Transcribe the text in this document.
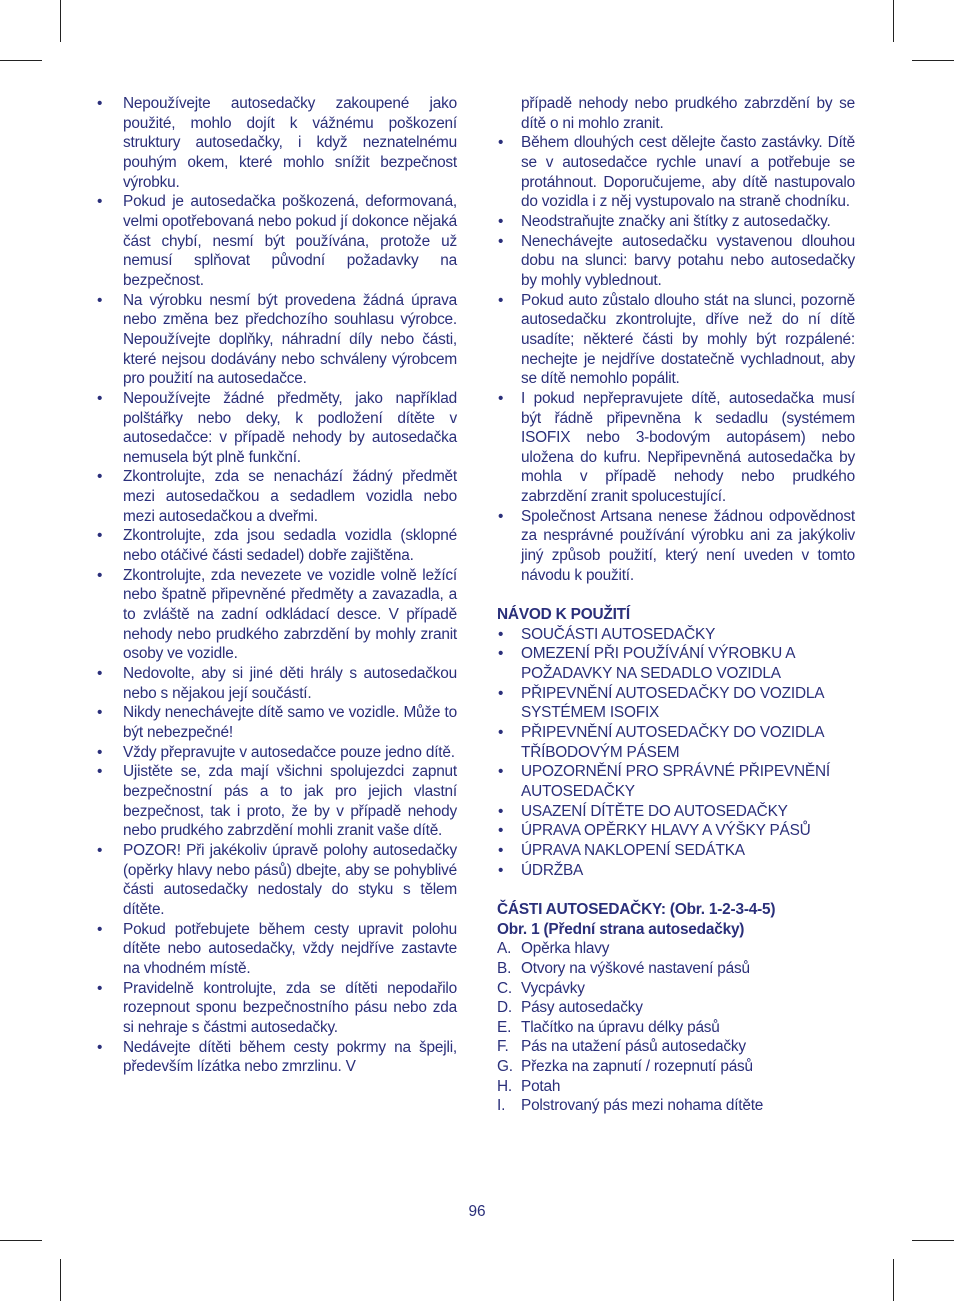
• Nepoužívejte autosedačky zakoupené jako použité, mohlo dojít k vážnému poškození struktury autosedačky, i když neznatelnému pouhým okem, které mohlo snížit bezpečnost výrobku.
• Pokud je autosedačka poškozená, deformovaná, velmi opotřebovaná nebo pokud jí dokonce nějaká část chybí, nesmí být používána, protože už nemusí splňovat původní požadavky na bezpečnost.
• Na výrobku nesmí být provedena žádná úprava nebo změna bez předchozího souhlasu výrobce. Nepoužívejte doplňky, náhradní díly nebo části, které nejsou dodávány nebo schváleny výrobcem pro použití na autosedačce.
• Nepoužívejte žádné předměty, jako například polštářky nebo deky, k podložení dítěte v autosedačce: v případě nehody by autosedačka nemusela být plně funkční.
• Zkontrolujte, zda se nenachází žádný předmět mezi autosedačkou a sedadlem vozidla nebo mezi autosedačkou a dveřmi.
• Zkontrolujte, zda jsou sedadla vozidla (sklopné nebo otáčivé části sedadel) dobře zajištěna.
• Zkontrolujte, zda nevezete ve vozidle volně ležící nebo špatně připevněné předměty a zavazadla, a to zvláště na zadní odkládací desce. V případě nehody nebo prudkého zabrzdění by mohly zranit osoby ve vozidle.
• Nedovolte, aby si jiné děti hrály s autosedačkou nebo s nějakou její součástí.
• Nikdy nenechávejte dítě samo ve vozidle. Může to být nebezpečné!
• Vždy přepravujte v autosedačce pouze jedno dítě.
• Ujistěte se, zda mají všichni spolujezdci zapnut bezpečnostní pás a to jak pro jejich vlastní bezpečnost, tak i proto, že by v případě nehody nebo prudkého zabrzdění mohli zranit vaše dítě.
• POZOR! Při jakékoliv úpravě polohy autosedačky (opěrky hlavy nebo pásů) dbejte, aby se pohyblivé části autosedačky nedostaly do styku s tělem dítěte.
• Pokud potřebujete během cesty upravit polohu dítěte nebo autosedačky, vždy nejdříve zastavte na vhodném místě.
• Pravidelně kontrolujte, zda se dítěti nepodařilo rozepnout sponu bezpečnostního pásu nebo zda si nehraje s částmi autosedačky.
• Nedávejte dítěti během cesty pokrmy na špejli, především lízátka nebo zmrzlinu. V
případě nehody nebo prudkého zabrzdění by se dítě o ni mohlo zranit.
• Během dlouhých cest dělejte často zastávky. Dítě se v autosedačce rychle unaví a potřebuje se protáhnout. Doporučujeme, aby dítě nastupovalo do vozidla i z něj vystupovalo na straně chodníku.
• Neodstraňujte značky ani štítky z autosedačky.
• Nenechávejte autosedačku vystavenou dlouhou dobu na slunci: barvy potahu nebo autosedačky by mohly vyblednout.
• Pokud auto zůstalo dlouho stát na slunci, pozorně autosedačku zkontrolujte, dříve než do ní dítě usadíte; některé části by mohly být rozpálené: nechejte je nejdříve dostatečně vychladnout, aby se dítě nemohlo popálit.
• I pokud nepřepravujete dítě, autosedačka musí být řádně připevněna k sedadlu (systémem ISOFIX nebo 3-bodovým autopásem) nebo uložena do kufru. Nepřipevněná autosedačka by mohla v případě nehody nebo prudkého zabrzdění zranit spolucestující.
• Společnost Artsana nenese žádnou odpovědnost za nesprávné používání výrobku ani za jakýkoliv jiný způsob použití, který není uveden v tomto návodu k použití.
NÁVOD K POUŽITÍ
• SOUČÁSTI AUTOSEDAČKY
• OMEZENÍ PŘI POUŽÍVÁNÍ VÝROBKU A POŽADAVKY NA SEDADLO VOZIDLA
• PŘIPEVNĚNÍ AUTOSEDAČKY DO VOZIDLA SYSTÉMEM ISOFIX
• PŘIPEVNĚNÍ AUTOSEDAČKY DO VOZIDLA TŘÍBODOVÝM PÁSEM
• UPOZORNĚNÍ PRO SPRÁVNÉ PŘIPEVNĚNÍ AUTOSEDAČKY
• USAZENÍ DÍTĚTE DO AUTOSEDAČKY
• ÚPRAVA OPĚRKY HLAVY A VÝŠKY PÁSŮ
• ÚPRAVA NAKLOPENÍ SEDÁTKA
• ÚDRŽBA
ČÁSTI AUTOSEDAČKY: (Obr. 1-2-3-4-5)
Obr. 1 (Přední strana autosedačky)
A. Opěrka hlavy
B. Otvory na výškové nastavení pásů
C. Vycpávky
D. Pásy autosedačky
E. Tlačítko na úpravu délky pásů
F. Pás na utažení pásů autosedačky
G. Přezka na zapnutí / rozepnutí pásů
H. Potah
I. Polstrovaný pás mezi nohama dítěte
96
